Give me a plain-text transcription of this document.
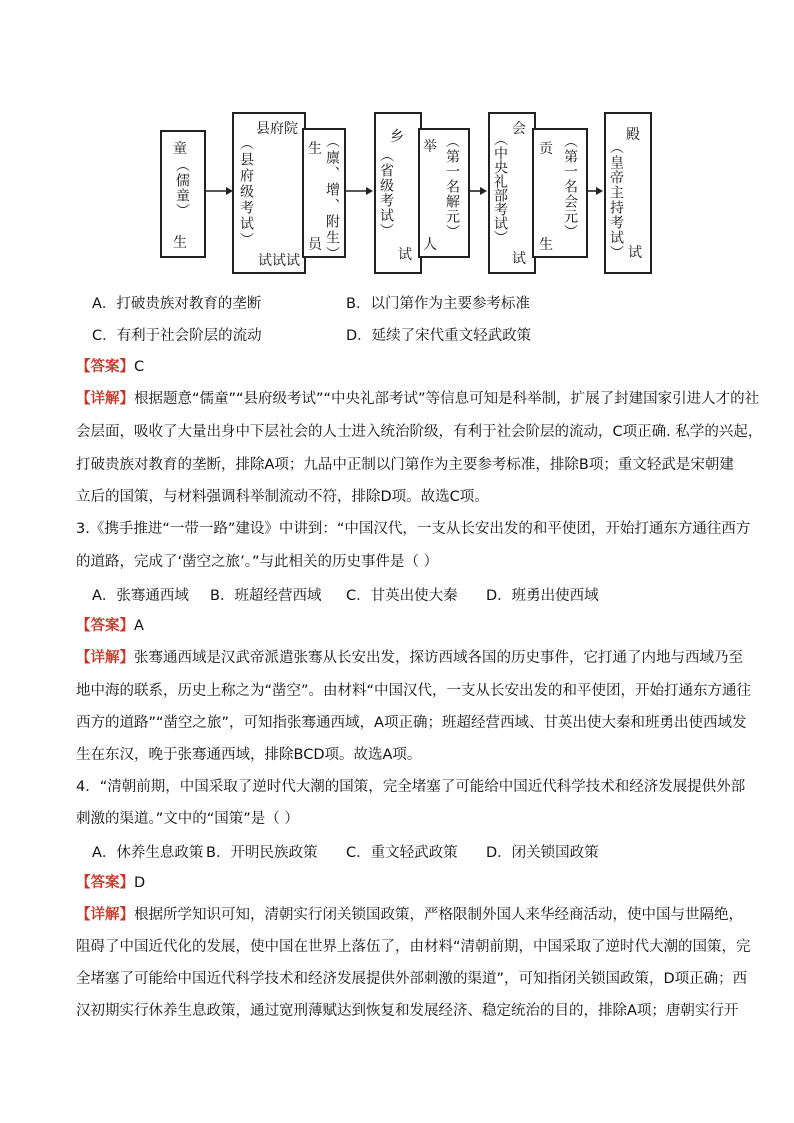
童
（儒童）
生
县府院
（县府级考试）
试试试
生 （廪、增、附生）
员
乡
（省级考试）
试
举 （第一名解元）
人
会
（中央礼部考试）
试
贡 （第一名会元）
生
殿
（皇帝主持考试） 试
A．打破贵族对教育的垄断	B．以门第作为主要参考标准
C．有利于社会阶层的流动	D．延续了宋代重文轻武政策
【答案】C
【详解】根据题意“儒童”“县府级考试”“中央礼部考试”等信息可知是科举制，扩展了封建国家引进人才的社
会层面，吸收了大量出身中下层社会的人士进入统治阶级，有利于社会阶层的流动，C项正确. 私学的兴起，
打破贵族对教育的垄断，排除A项；九品中正制以门第作为主要参考标准，排除B项；重文轻武是宋朝建
立后的国策，与材料强调科举制流动不符，排除D项。故选C项。
3.《携手推进“一带一路”建设》中讲到：“中国汉代，一支从长安出发的和平使团，开始打通东方通往西方
的道路，完成了‘凿空之旅’。”与此相关的历史事件是（ ）
A．张骞通西域 B．班超经营西域 C．甘英出使大秦 D．班勇出使西域
【答案】A
【详解】张骞通西域是汉武帝派遣张骞从长安出发，探访西域各国的历史事件，它打通了内地与西域乃至
地中海的联系，历史上称之为“凿空”。由材料“中国汉代，一支从长安出发的和平使团，开始打通东方通往
西方的道路”“凿空之旅”，可知指张骞通西域，A项正确；班超经营西域、甘英出使大秦和班勇出使西域发
生在东汉，晚于张骞通西域，排除BCD项。故选A项。
4．“清朝前期，中国采取了逆时代大潮的国策，完全堵塞了可能给中国近代科学技术和经济发展提供外部
刺激的渠道。”文中的“国策”是（ ）
A．休养生息政策 B．开明民族政策 C．重文轻武政策 D．闭关锁国政策
【答案】D
【详解】根据所学知识可知，清朝实行闭关锁国政策，严格限制外国人来华经商活动，使中国与世隔绝，
阻碍了中国近代化的发展，使中国在世界上落伍了，由材料“清朝前期，中国采取了逆时代大潮的国策，完
全堵塞了可能给中国近代科学技术和经济发展提供外部刺激的渠道”，可知指闭关锁国政策，D项正确；西
汉初期实行休养生息政策，通过宽刑薄赋达到恢复和发展经济、稳定统治的目的，排除A项；唐朝实行开
